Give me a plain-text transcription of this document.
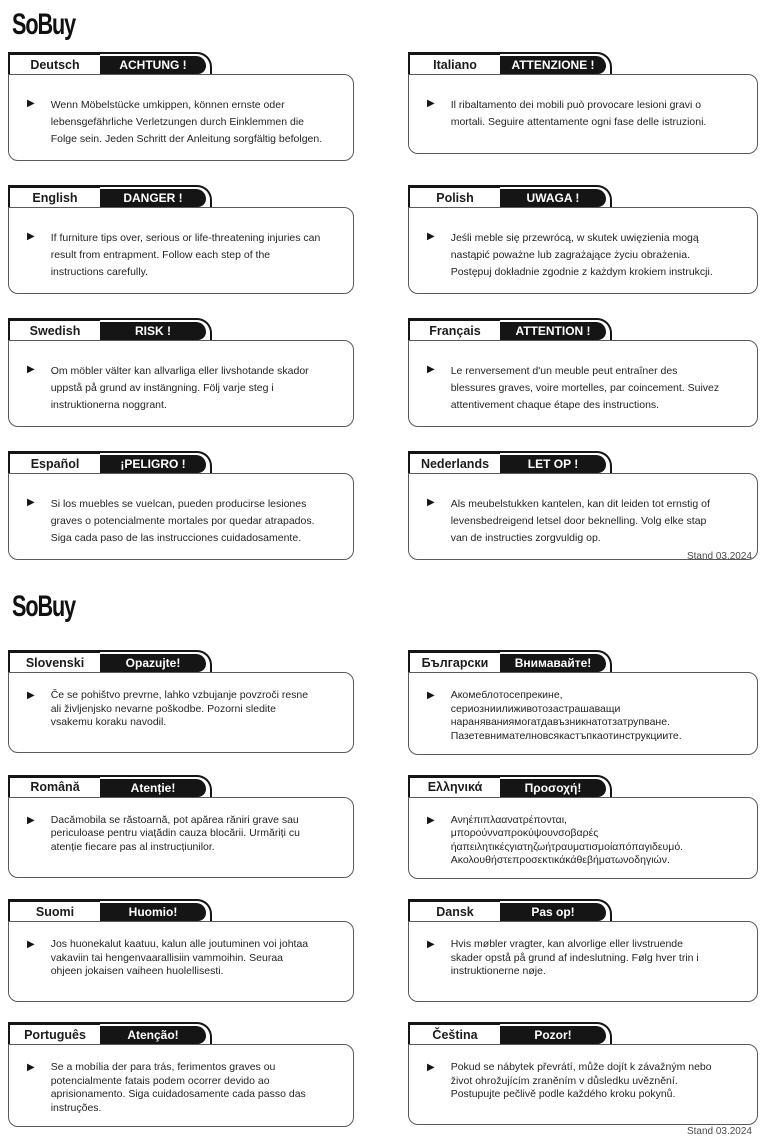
SoBuy
Deutsch	ACHTUNG !
▶ Wenn Möbelstücke umkippen, können ernste oder lebensgefährliche Verletzungen durch Einklemmen die Folge sein. Jeden Schritt der Anleitung sorgfältig befolgen.

Italiano	ATTENZIONE !
▶ Il ribaltamento dei mobili può provocare lesioni gravi o mortali. Seguire attentamente ogni fase delle istruzioni.

English	DANGER !
▶ If furniture tips over, serious or life-threatening injuries can result from entrapment. Follow each step of the instructions carefully.

Polish	UWAGA !
▶ Jeśli meble się przewrócą, w skutek uwięzienia mogą nastąpić poważne lub zagrażające życiu obrażenia. Postępuj dokładnie zgodnie z każdym krokiem instrukcji.

Swedish	RISK !
▶ Om möbler välter kan allvarliga eller livshotande skador uppstå på grund av instängning. Följ varje steg i instruktionerna noggrant.

Français	ATTENTION !
▶ Le renversement d'un meuble peut entraîner des blessures graves, voire mortelles, par coincement. Suivez attentivement chaque étape des instructions.

Español	¡PELIGRO !
▶ Si los muebles se vuelcan, pueden producirse lesiones graves o potencialmente mortales por quedar atrapados. Siga cada paso de las instrucciones cuidadosamente.

Nederlands	LET OP !
▶ Als meubelstukken kantelen, kan dit leiden tot ernstig of levensbedreigend letsel door beknelling. Volg elke stap van de instructies zorgvuldig op.

Stand 03.2024
SoBuy
Slovenski	Opazujte!
▶ Če se pohištvo prevrne, lahko vzbujanje povzroči resne ali življenjsko nevarne poškodbe. Pozorni sledite vsakemu koraku navodil.

Български Внимавайте!
▶ Акомеблотосепрекине, сериозниилиживотозастрашаващи нараняваниямогатдавъзникнатотзатрупване. Пазетевнимателновсякастъпкаотинструкциите.

Română	Atenție!
▶ Dacămobila se răstoarnă, pot apărea răniri grave sau periculoase pentru viațădin cauza blocării. Urmăriți cu atenție fiecare pas al instrucțiunilor.

Ελληνικά	Προσοχή!
▶ Ανηέπιπλαανατρέπονται, μπορούνναπροκύψουνσοβαρές ήαπειλητικέςγιατηζωήτραυματισμοίαπόπαγιδευμό. Ακολουθήστεπροσεκτικάκάθεβήματωνοδηγιών.

Suomi	Huomio!
▶ Jos huonekalut kaatuu, kalun alle joutuminen voi johtaa vakaviin tai hengenvaarallisiin vammoihin. Seuraa ohjeen jokaisen vaiheen huolellisesti.

Dansk	Pas op!
▶ Hvis møbler vragter, kan alvorlige eller livstruende skader opstå på grund af indeslutning. Følg hver trin i instruktionerne nøje.

Português	Atenção!
▶ Se a mobília der para trás, ferimentos graves ou potencialmente fatais podem ocorrer devido ao aprisionamento. Siga cuidadosamente cada passo das instruções.

Čeština	Pozor!
▶ Pokud se nábytek převrátí, může dojít k závažným nebo život ohrožujícím zraněním v důsledku uvěznění. Postupujte pečlivě podle každého kroku pokynů.

Stand 03.2024
